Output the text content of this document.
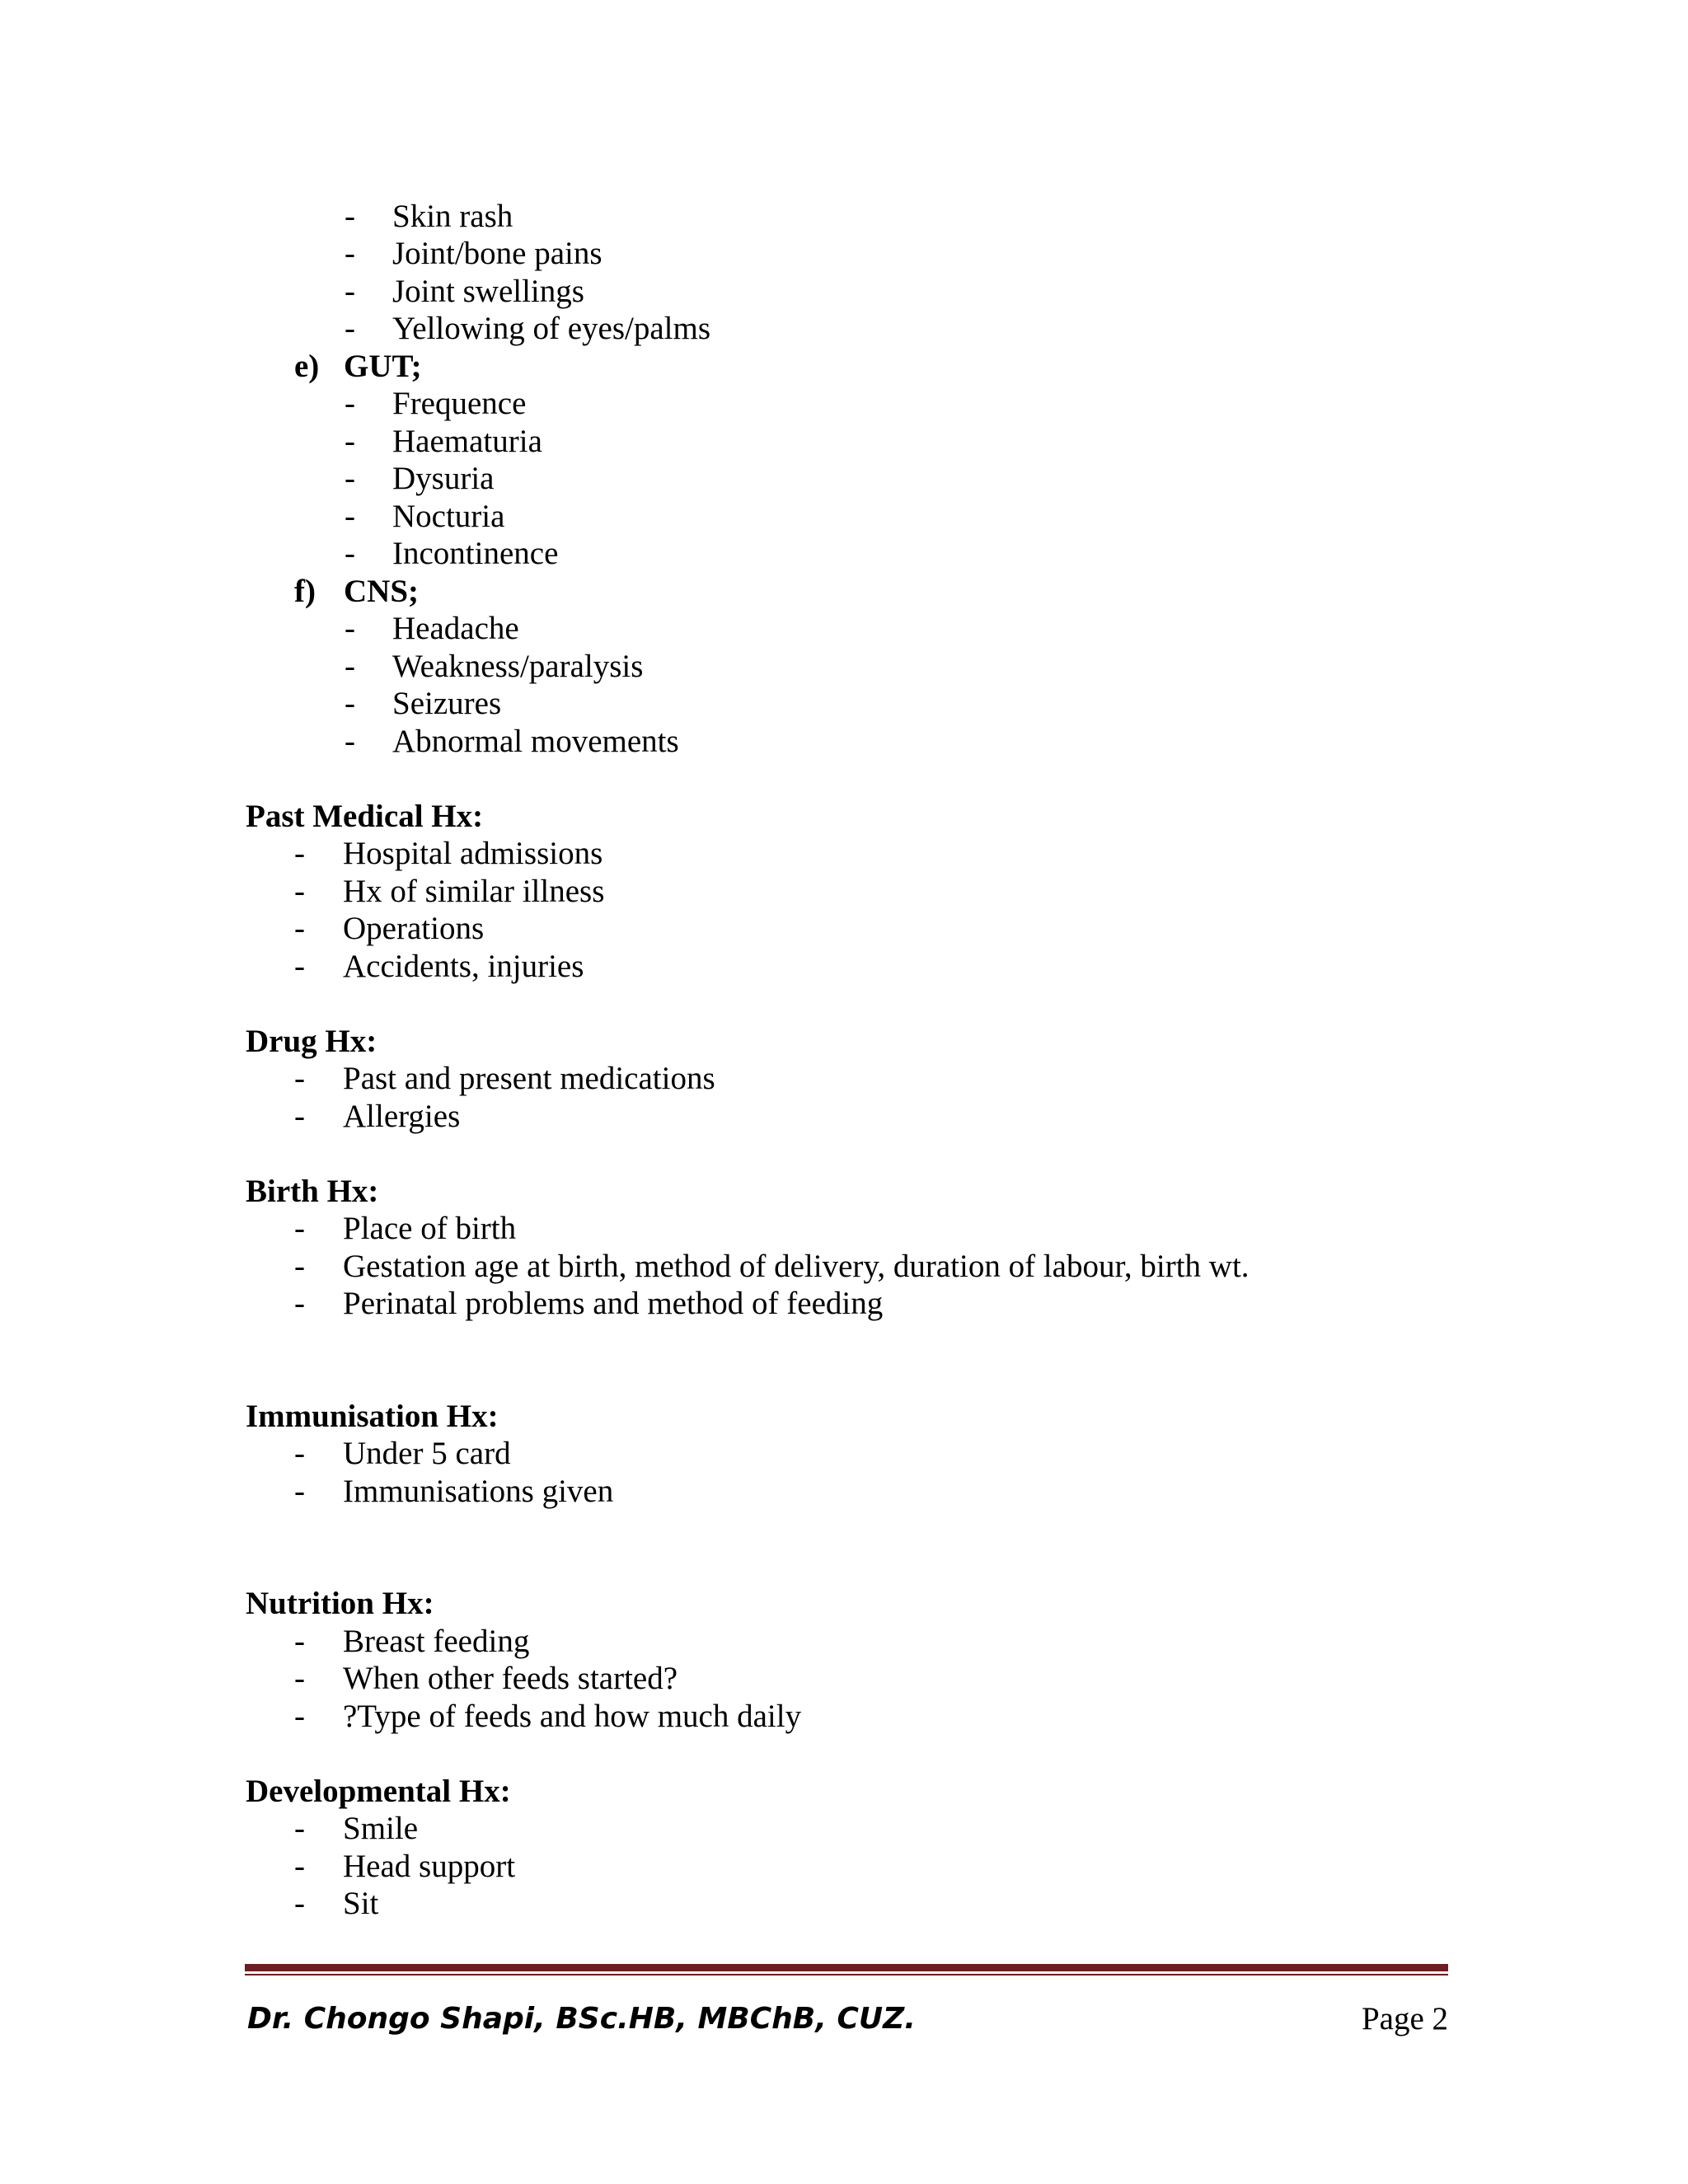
- Skin rash
- Joint/bone pains
- Joint swellings
- Yellowing of eyes/palms
e) GUT;
- Frequence
- Haematuria
- Dysuria
- Nocturia
- Incontinence
f) CNS;
- Headache
- Weakness/paralysis
- Seizures
- Abnormal movements
Past Medical Hx:
- Hospital admissions
- Hx of similar illness
- Operations
- Accidents, injuries
Drug Hx:
- Past and present medications
- Allergies
Birth Hx:
- Place of birth
- Gestation age at birth, method of delivery, duration of labour, birth wt.
- Perinatal problems and method of feeding
Immunisation Hx:
- Under 5 card
- Immunisations given
Nutrition Hx:
- Breast feeding
- When other feeds started?
- ?Type of feeds and how much daily
Developmental Hx:
- Smile
- Head support
- Sit
Dr. Chongo Shapi, BSc.HB, MBChB, CUZ.	Page 2
